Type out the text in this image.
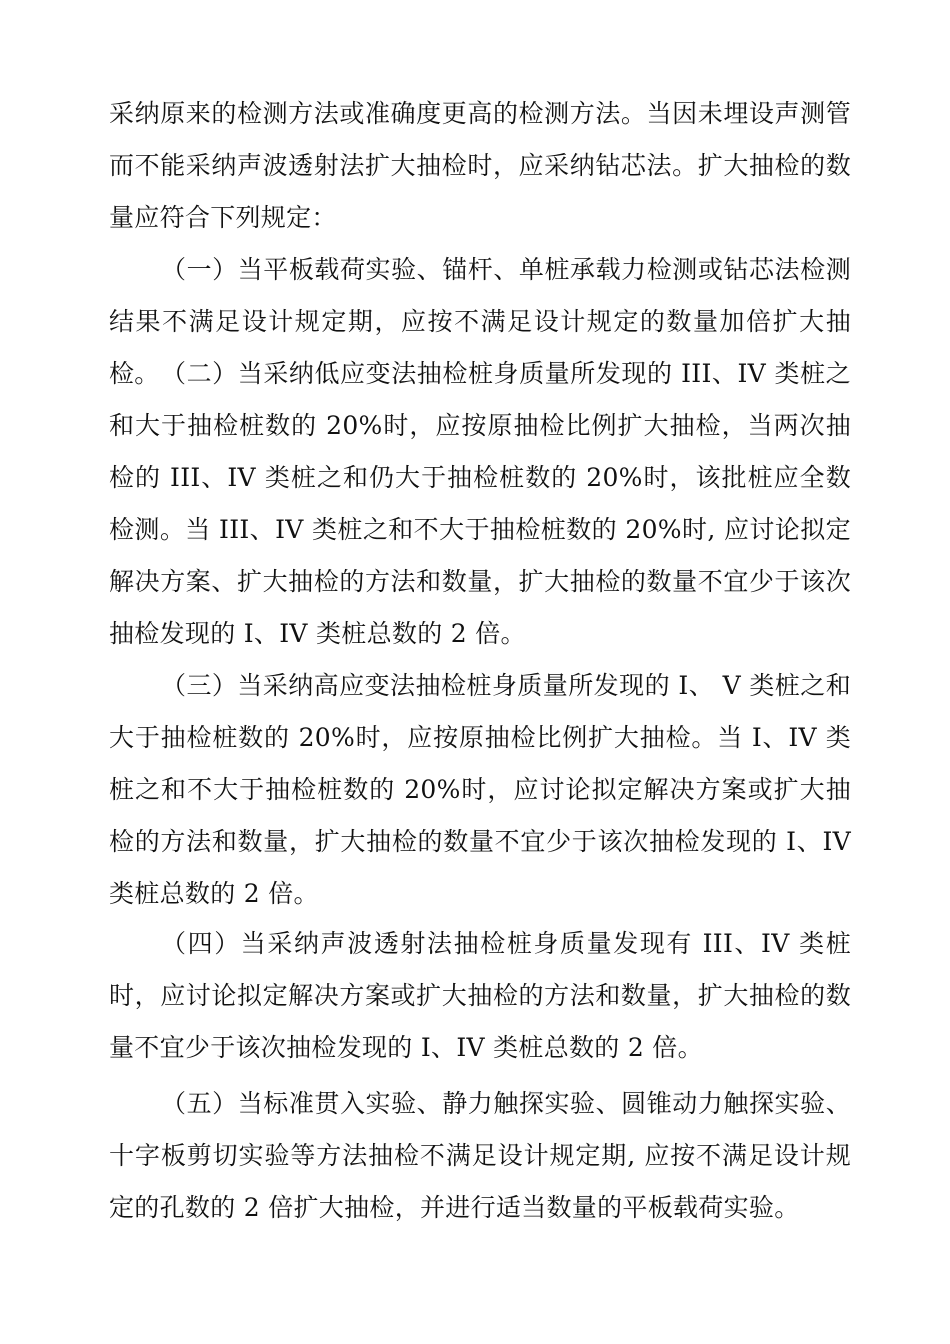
采纳原来的检测方法或准确度更高的检测方法。当因未埋设声测管而不能采纳声波透射法扩大抽检时，应采纳钻芯法。扩大抽检的数量应符合下列规定：

（一）当平板载荷实验、锚杆、单桩承载力检测或钻芯法检测结果不满足设计规定期，应按不满足设计规定的数量加倍扩大抽检。 （二）当采纳低应变法抽检桩身质量所发现的 III、IV 类桩之和大于抽检桩数的 20%时，应按原抽检比例扩大抽检，当两次抽检的 III、IV 类桩之和仍大于抽检桩数的 20%时，该批桩应全数检测。当 III、IV 类桩之和不大于抽检桩数的 20%时, 应讨论拟定解决方案、扩大抽检的方法和数量，扩大抽检的数量不宜少于该次抽检发现的 I、IV 类桩总数的 2 倍。

（三）当采纳高应变法抽检桩身质量所发现的 I、 V 类桩之和大于抽检桩数的 20%时，应按原抽检比例扩大抽检。当 I、IV 类桩之和不大于抽检桩数的 20%时，应讨论拟定解决方案或扩大抽检的方法和数量，扩大抽检的数量不宜少于该次抽检发现的 I、IV 类桩总数的 2 倍。

（四）当采纳声波透射法抽检桩身质量发现有 III、IV 类桩时，应讨论拟定解决方案或扩大抽检的方法和数量，扩大抽检的数量不宜少于该次抽检发现的 I、IV 类桩总数的 2 倍。

（五）当标准贯入实验、静力触探实验、圆锥动力触探实验、十字板剪切实验等方法抽检不满足设计规定期, 应按不满足设计规定的孔数的 2 倍扩大抽检，并进行适当数量的平板载荷实验。
